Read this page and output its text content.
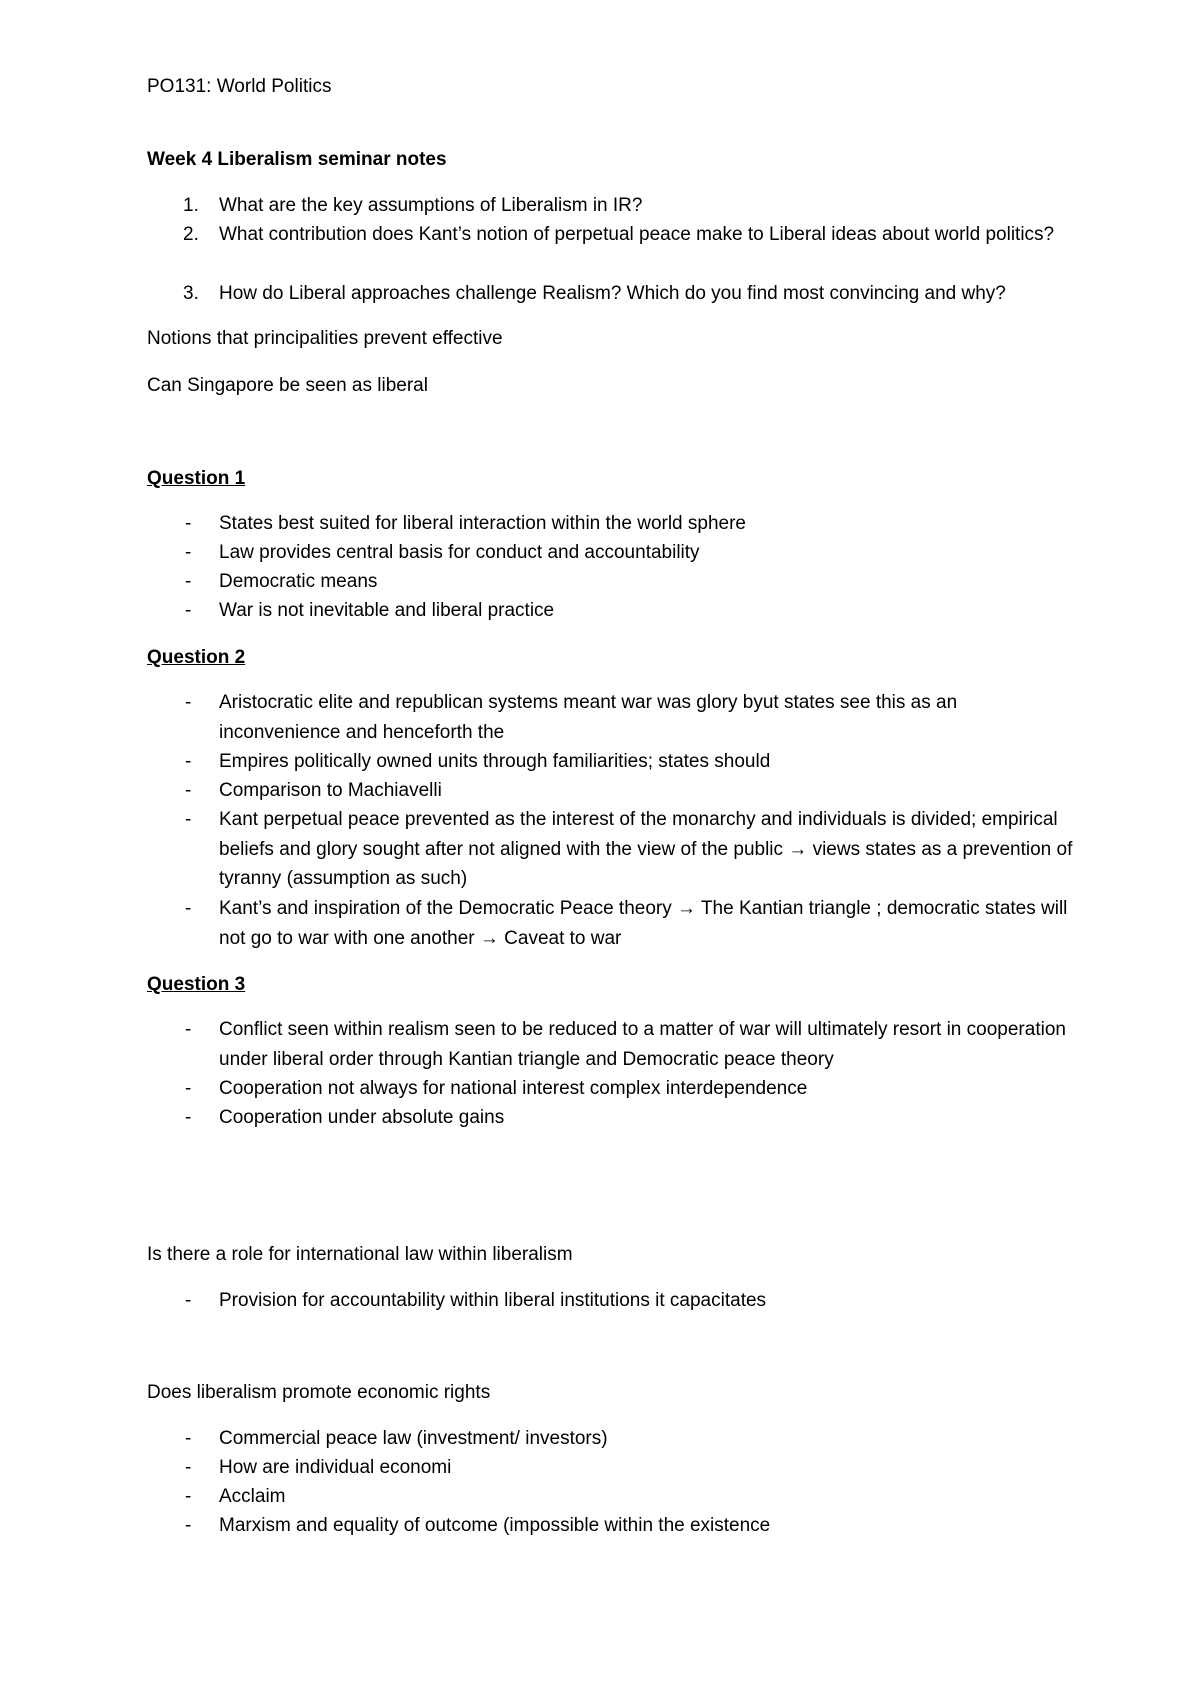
PO131: World Politics
Week 4 Liberalism seminar notes
1. What are the key assumptions of Liberalism in IR?
2. What contribution does Kant’s notion of perpetual peace make to Liberal ideas about world politics?
3. How do Liberal approaches challenge Realism? Which do you find most convincing and why?
Notions that principalities prevent effective
Can Singapore be seen as liberal
Question 1
- States best suited for liberal interaction within the world sphere
- Law provides central basis for conduct and accountability
- Democratic means
- War is not inevitable and liberal practice
Question 2
- Aristocratic elite and republican systems meant war was glory byut states see this as an inconvenience and henceforth the
- Empires politically owned units through familiarities; states should
- Comparison to Machiavelli
- Kant perpetual peace prevented as the interest of the monarchy and individuals is divided; empirical beliefs and glory sought after not aligned with the view of the public → views states as a prevention of tyranny (assumption as such)
- Kant’s and inspiration of the Democratic Peace theory → The Kantian triangle ; democratic states will not go to war with one another → Caveat to war
Question 3
- Conflict seen within realism seen to be reduced to a matter of war will ultimately resort in cooperation under liberal order through Kantian triangle and Democratic peace theory
- Cooperation not always for national interest complex interdependence
- Cooperation under absolute gains
Is there a role for international law within liberalism
- Provision for accountability within liberal institutions it capacitates
Does liberalism promote economic rights
- Commercial peace law (investment/ investors)
- How are individual economi
- Acclaim
- Marxism and equality of outcome (impossible within the existence
